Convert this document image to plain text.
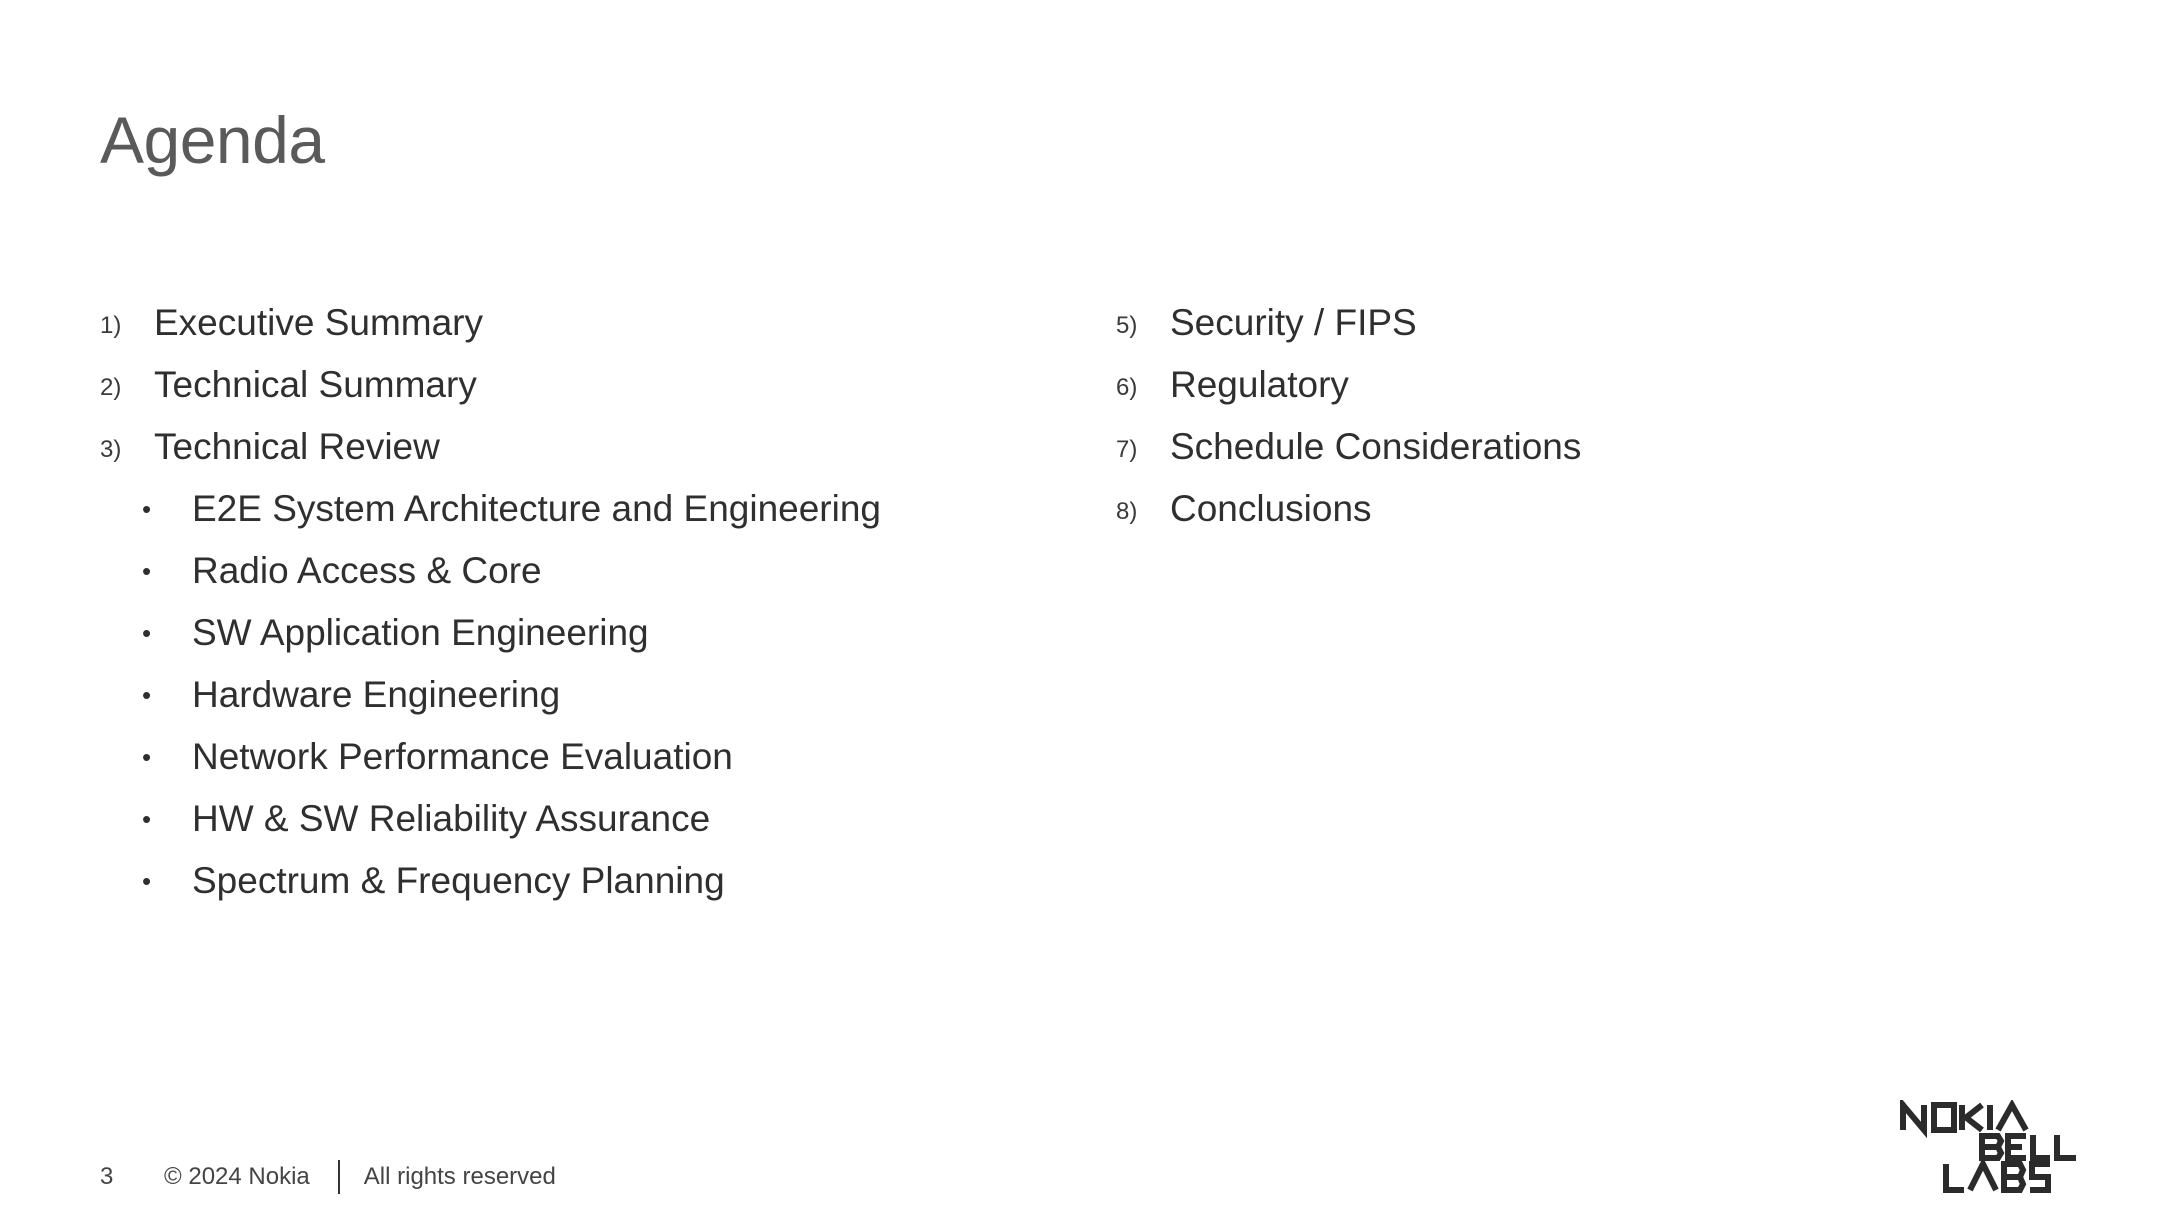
Agenda
1) Executive Summary
2) Technical Summary
3) Technical Review
•	E2E System Architecture and Engineering
•	Radio Access & Core
•	SW Application Engineering
•	Hardware Engineering
•	Network Performance Evaluation
•	HW & SW Reliability Assurance
•	Spectrum & Frequency Planning
5) Security / FIPS
6) Regulatory
7) Schedule Considerations
8) Conclusions
3	© 2024 Nokia All rights reserved
